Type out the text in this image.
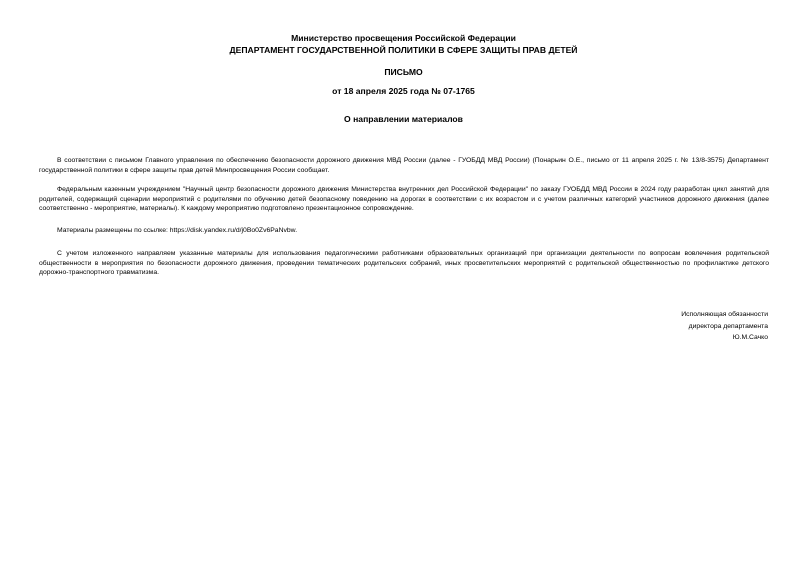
Министерство просвещения Российской Федерации
ДЕПАРТАМЕНТ ГОСУДАРСТВЕННОЙ ПОЛИТИКИ В СФЕРЕ ЗАЩИТЫ ПРАВ ДЕТЕЙ
ПИСЬМО
от 18 апреля 2025 года № 07-1765
О направлении материалов
В соответствии с письмом Главного управления по обеспечению безопасности дорожного движения МВД России (далее - ГУОБДД МВД России) (Понарьин О.Е., письмо от 11 апреля 2025 г. № 13/8-3575) Департамент государственной политики в сфере защиты прав детей Минпросвещения России сообщает.
Федеральным казенным учреждением "Научный центр безопасности дорожного движения Министерства внутренних дел Российской Федерации" по заказу ГУОБДД МВД России в 2024 году разработан цикл занятий для родителей, содержащий сценарии мероприятий с родителями по обучению детей безопасному поведению на дорогах в соответствии с их возрастом и с учетом различных категорий участников дорожного движения (далее соответственно - мероприятие, материалы). К каждому мероприятию подготовлено презентационное сопровождение.
Материалы размещены по ссылке: https://disk.yandex.ru/d/j0Bo0Zv6PaNvbw.
С учетом изложенного направляем указанные материалы для использования педагогическими работниками образовательных организаций при организации деятельности по вопросам вовлечения родительской общественности в мероприятия по безопасности дорожного движения, проведении тематических родительских собраний, иных просветительских мероприятий с родительской общественностью по профилактике детского дорожно-транспортного травматизма.
Исполняющая обязанности
директора департамента
Ю.М.Сачко
